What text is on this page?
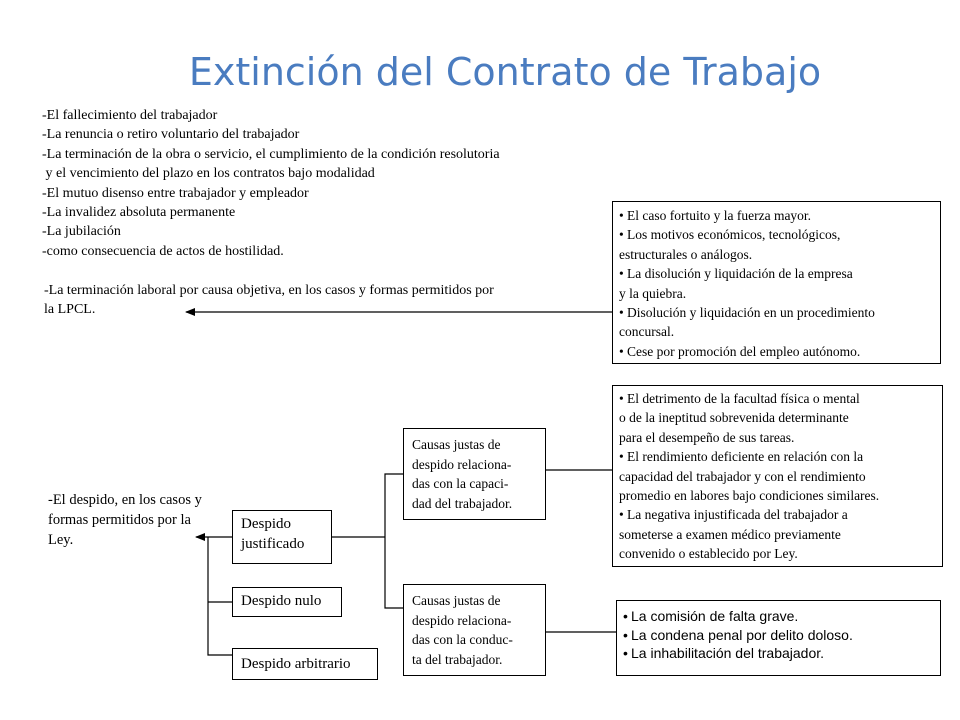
Extinción del Contrato de Trabajo
-El fallecimiento del trabajador
-La renuncia o retiro voluntario del trabajador
-La terminación de la obra o servicio, el cumplimiento de la condición resolutoria
y el vencimiento del plazo en los contratos bajo modalidad
-El mutuo disenso entre trabajador y empleador
-La invalidez absoluta permanente
-La jubilación
-como consecuencia de actos de hostilidad.
-La terminación laboral por causa objetiva, en los casos y formas permitidos por
la LPCL.
• El caso fortuito y la fuerza mayor.
• Los motivos económicos, tecnológicos,
estructurales o análogos.
• La disolución y liquidación de la empresa
y la quiebra.
• Disolución y liquidación en un procedimiento
concursal.
• Cese por promoción del empleo autónomo.
-El despido, en los casos y formas permitidos por la Ley.
Despido justificado
Despido nulo
Despido arbitrario
Causas justas de
despido relaciona-
das con la capaci-
dad del trabajador.
Causas justas de
despido relaciona-
das con la conduc-
ta del trabajador.
• El detrimento de la facultad física o mental
o de la ineptitud sobrevenida determinante
para el desempeño de sus tareas.
• El rendimiento deficiente en relación con la
capacidad del trabajador y con el rendimiento
promedio en labores bajo condiciones similares.
• La negativa injustificada del trabajador a
someterse a examen médico previamente
convenido o establecido por Ley.
• La comisión de falta grave.
• La condena penal por delito doloso.
• La inhabilitación del trabajador.
